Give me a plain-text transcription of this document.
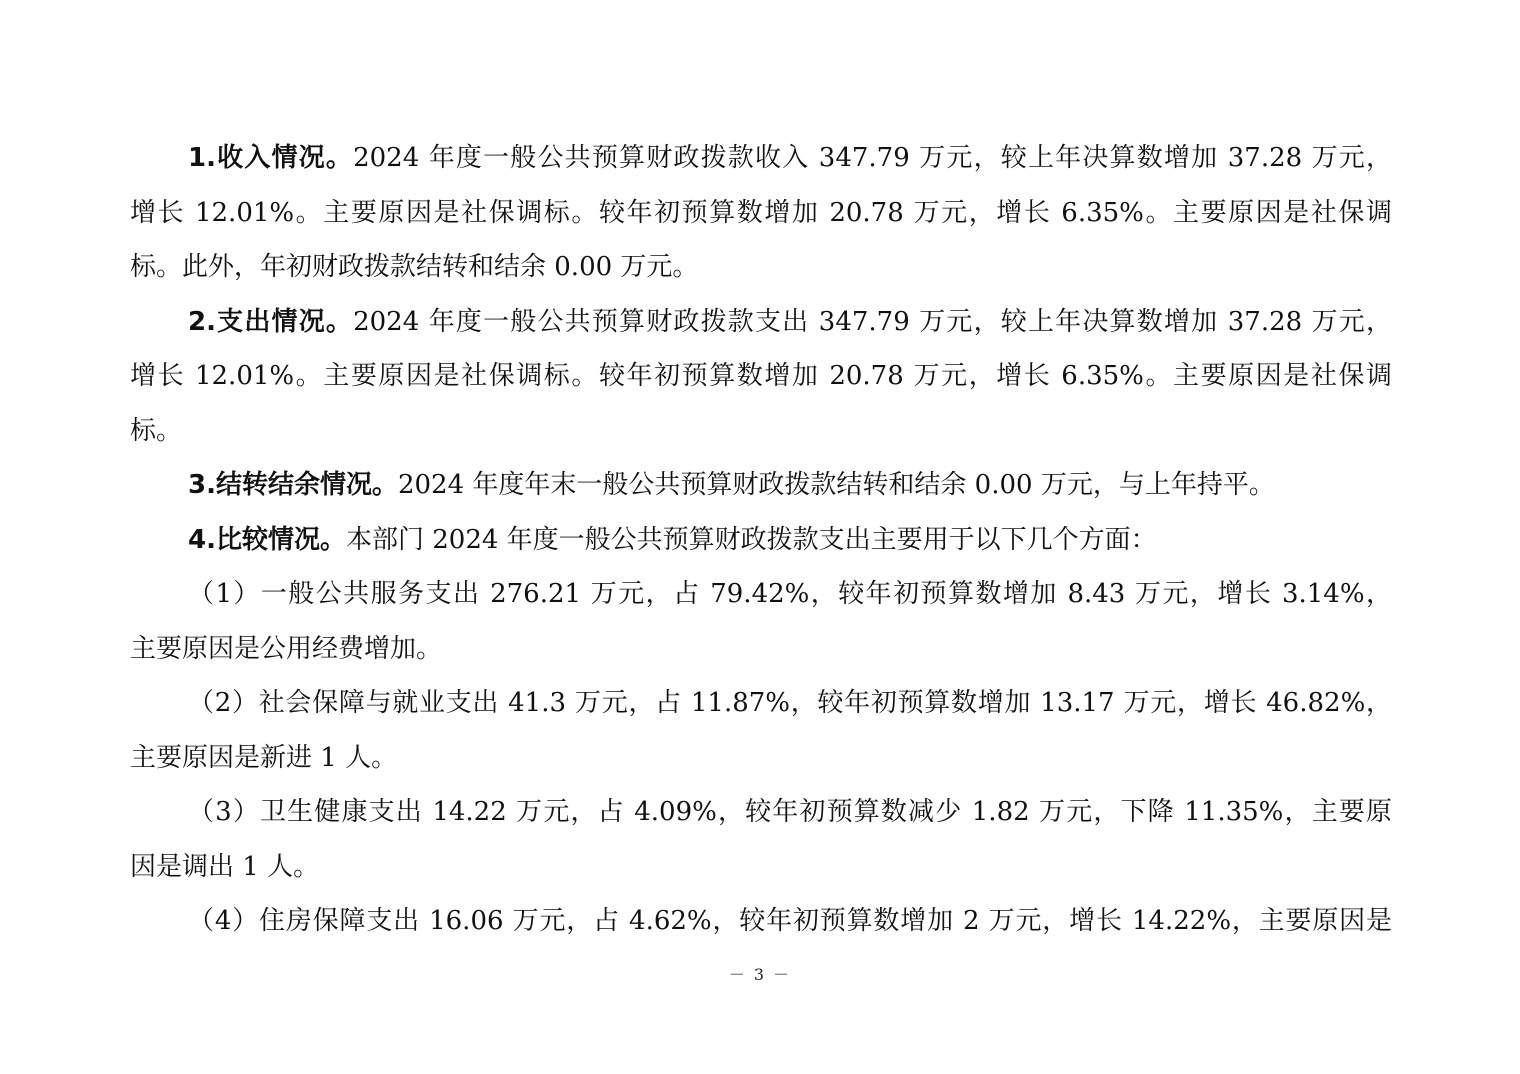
1.收入情况。2024 年度一般公共预算财政拨款收入 347.79 万元，较上年决算数增加 37.28 万元，
增长 12.01%。主要原因是社保调标。较年初预算数增加 20.78 万元，增长 6.35%。主要原因是社保调
标。此外，年初财政拨款结转和结余 0.00 万元。
2.支出情况。2024 年度一般公共预算财政拨款支出 347.79 万元，较上年决算数增加 37.28 万元，
增长 12.01%。主要原因是社保调标。较年初预算数增加 20.78 万元，增长 6.35%。主要原因是社保调
标。
3.结转结余情况。2024 年度年末一般公共预算财政拨款结转和结余 0.00 万元，与上年持平。
4.比较情况。本部门 2024 年度一般公共预算财政拨款支出主要用于以下几个方面：
（1）一般公共服务支出 276.21 万元，占 79.42%，较年初预算数增加 8.43 万元，增长 3.14%，
主要原因是公用经费增加。
（2）社会保障与就业支出 41.3 万元，占 11.87%，较年初预算数增加 13.17 万元，增长 46.82%，
主要原因是新进 1 人。
（3）卫生健康支出 14.22 万元，占 4.09%，较年初预算数减少 1.82 万元，下降 11.35%，主要原
因是调出 1 人。
（4）住房保障支出 16.06 万元，占 4.62%，较年初预算数增加 2 万元，增长 14.22%，主要原因是
－ 3 －
